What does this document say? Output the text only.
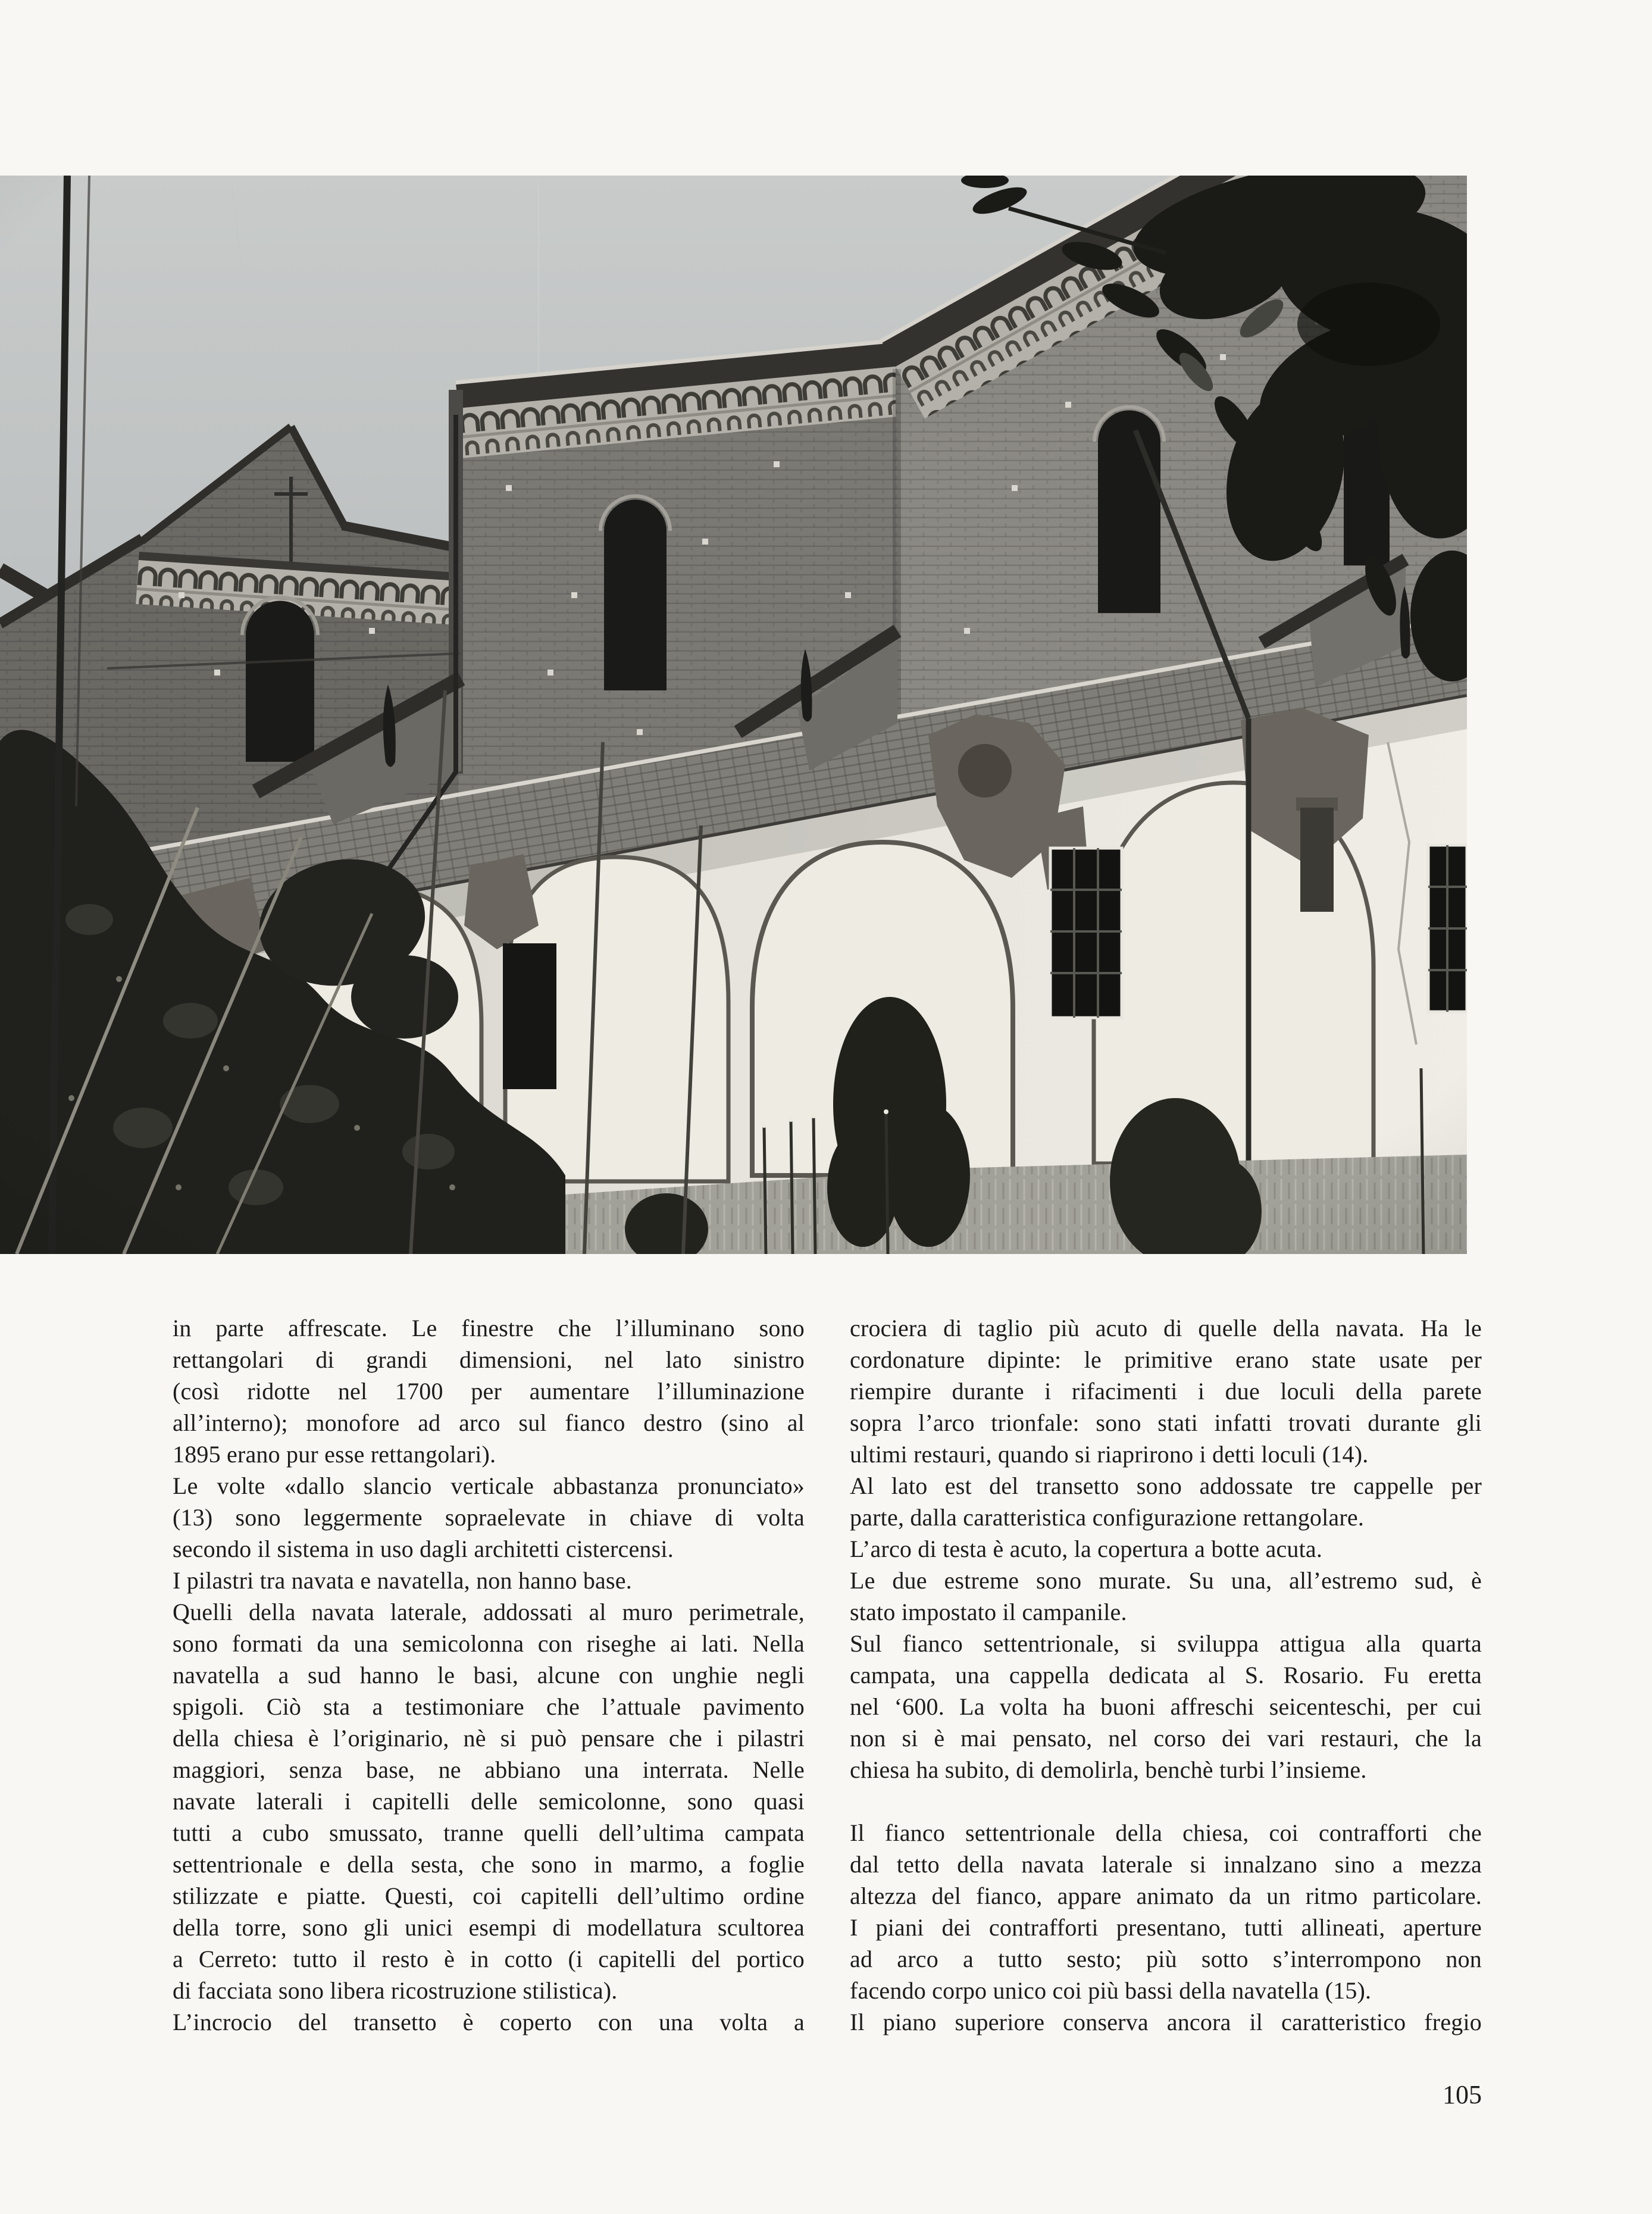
in parte affrescate. Le finestre che l’illuminano sono
rettangolari di grandi dimensioni, nel lato sinistro
(così ridotte nel 1700 per aumentare l’illuminazione
all’interno); monofore ad arco sul fianco destro (sino al
1895 erano pur esse rettangolari).
Le volte «dallo slancio verticale abbastanza pronunciato»
(13) sono leggermente sopraelevate in chiave di volta
secondo il sistema in uso dagli architetti cistercensi.
I pilastri tra navata e navatella, non hanno base.
Quelli della navata laterale, addossati al muro perimetrale,
sono formati da una semicolonna con riseghe ai lati. Nella
navatella a sud hanno le basi, alcune con unghie negli
spigoli. Ciò sta a testimoniare che l’attuale pavimento
della chiesa è l’originario, nè si può pensare che i pilastri
maggiori, senza base, ne abbiano una interrata. Nelle
navate laterali i capitelli delle semicolonne, sono quasi
tutti a cubo smussato, tranne quelli dell’ultima campata
settentrionale e della sesta, che sono in marmo, a foglie
stilizzate e piatte. Questi, coi capitelli dell’ultimo ordine
della torre, sono gli unici esempi di modellatura scultorea
a Cerreto: tutto il resto è in cotto (i capitelli del portico
di facciata sono libera ricostruzione stilistica).
L’incrocio del transetto è coperto con una volta a
crociera di taglio più acuto di quelle della navata. Ha le
cordonature dipinte: le primitive erano state usate per
riempire durante i rifacimenti i due loculi della parete
sopra l’arco trionfale: sono stati infatti trovati durante gli
ultimi restauri, quando si riaprirono i detti loculi (14).
Al lato est del transetto sono addossate tre cappelle per
parte, dalla caratteristica configurazione rettangolare.
L’arco di testa è acuto, la copertura a botte acuta.
Le due estreme sono murate. Su una, all’estremo sud, è
stato impostato il campanile.
Sul fianco settentrionale, si sviluppa attigua alla quarta
campata, una cappella dedicata al S. Rosario. Fu eretta
nel ‘600. La volta ha buoni affreschi seicenteschi, per cui
non si è mai pensato, nel corso dei vari restauri, che la
chiesa ha subito, di demolirla, benchè turbi l’insieme.
Il fianco settentrionale della chiesa, coi contrafforti che
dal tetto della navata laterale si innalzano sino a mezza
altezza del fianco, appare animato da un ritmo particolare.
I piani dei contrafforti presentano, tutti allineati, aperture
ad arco a tutto sesto; più sotto s’interrompono non
facendo corpo unico coi più bassi della navatella (15).
Il piano superiore conserva ancora il caratteristico fregio
105
